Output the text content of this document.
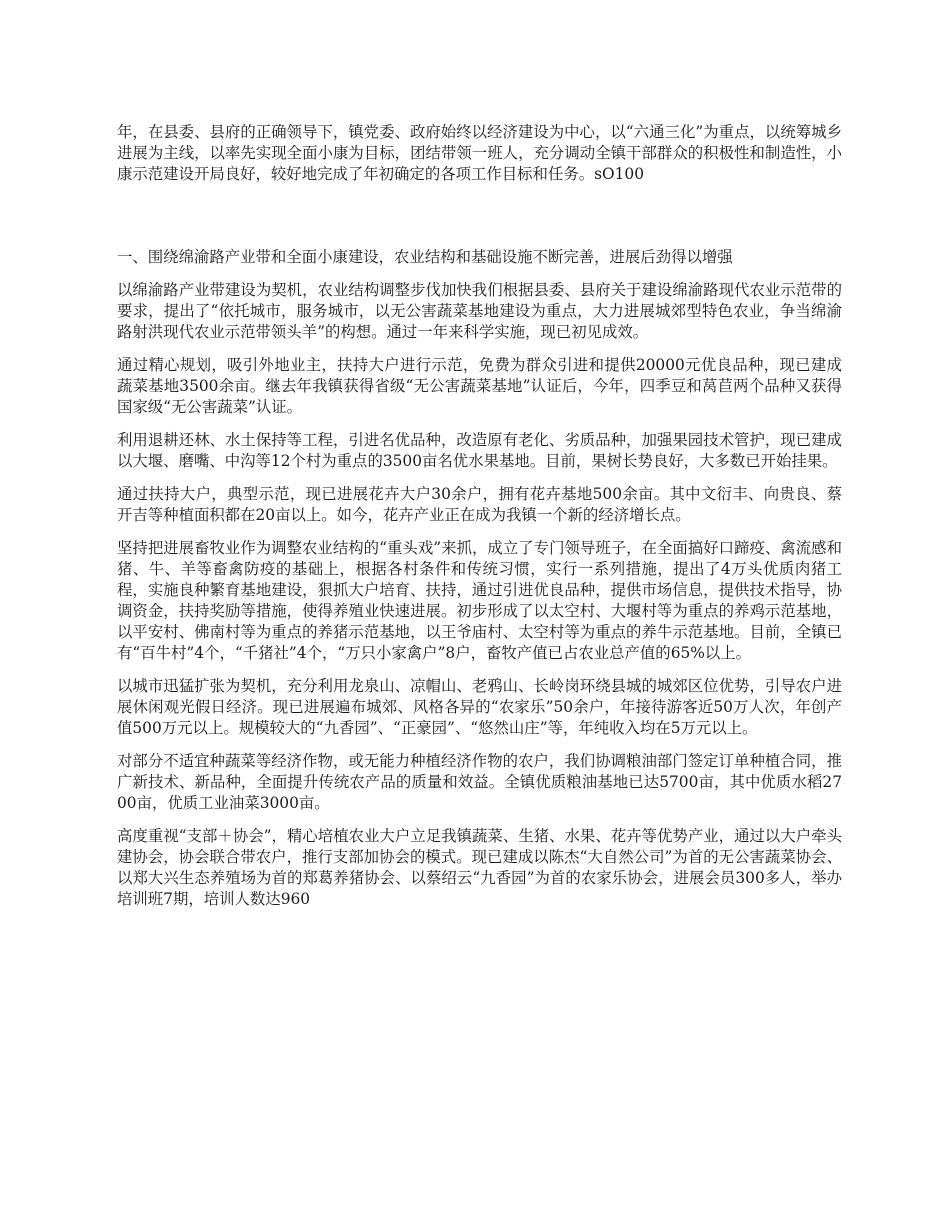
年，在县委、县府的正确领导下，镇党委、政府始终以经济建设为中心，以“六通三化”为重点，以统筹城乡进展为主线，以率先实现全面小康为目标，团结带领一班人，充分调动全镇干部群众的积极性和制造性，小康示范建设开局良好，较好地完成了年初确定的各项工作目标和任务。sO100

一、围绕绵渝路产业带和全面小康建设，农业结构和基础设施不断完善，进展后劲得以增强

以绵渝路产业带建设为契机，农业结构调整步伐加快我们根据县委、县府关于建设绵渝路现代农业示范带的要求，提出了“依托城市，服务城市，以无公害蔬菜基地建设为重点，大力进展城郊型特色农业，争当绵渝路射洪现代农业示范带领头羊”的构想。通过一年来科学实施，现已初见成效。

通过精心规划，吸引外地业主，扶持大户进行示范，免费为群众引进和提供20000元优良品种，现已建成蔬菜基地3500余亩。继去年我镇获得省级“无公害蔬菜基地”认证后，今年，四季豆和莴苣两个品种又获得国家级“无公害蔬菜”认证。

利用退耕还林、水土保持等工程，引进名优品种，改造原有老化、劣质品种，加强果园技术管护，现已建成以大堰、磨嘴、中沟等12个村为重点的3500亩名优水果基地。目前，果树长势良好，大多数已开始挂果。

通过扶持大户，典型示范，现已进展花卉大户30余户，拥有花卉基地500余亩。其中文衍丰、向贵良、蔡开吉等种植面积都在20亩以上。如今，花卉产业正在成为我镇一个新的经济增长点。

坚持把进展畜牧业作为调整农业结构的“重头戏”来抓，成立了专门领导班子，在全面搞好口蹄疫、禽流感和猪、牛、羊等畜禽防疫的基础上，根据各村条件和传统习惯，实行一系列措施，提出了4万头优质肉猪工程，实施良种繁育基地建设，狠抓大户培育、扶持，通过引进优良品种，提供市场信息，提供技术指导，协调资金，扶持奖励等措施，使得养殖业快速进展。初步形成了以太空村、大堰村等为重点的养鸡示范基地，以平安村、佛南村等为重点的养猪示范基地，以王爷庙村、太空村等为重点的养牛示范基地。目前，全镇已有“百牛村”4个，“千猪社”4个，“万只小家禽户”8户，畜牧产值已占农业总产值的65%以上。

以城市迅猛扩张为契机，充分利用龙泉山、凉帽山、老鸦山、长岭岗环绕县城的城郊区位优势，引导农户进展休闲观光假日经济。现已进展遍布城郊、风格各异的“农家乐”50余户，年接待游客近50万人次，年创产值500万元以上。规模较大的“九香园”、“正豪园”、“悠然山庄”等，年纯收入均在5万元以上。

对部分不适宜种蔬菜等经济作物，或无能力种植经济作物的农户，我们协调粮油部门签定订单种植合同，推广新技术、新品种，全面提升传统农产品的质量和效益。全镇优质粮油基地已达5700亩，其中优质水稻2700亩，优质工业油菜3000亩。

高度重视“支部＋协会”，精心培植农业大户立足我镇蔬菜、生猪、水果、花卉等优势产业，通过以大户牵头建协会，协会联合带农户，推行支部加协会的模式。现已建成以陈杰“大自然公司”为首的无公害蔬菜协会、以郑大兴生态养殖场为首的郑葛养猪协会、以蔡绍云“九香园”为首的农家乐协会，进展会员300多人，举办培训班7期，培训人数达960
